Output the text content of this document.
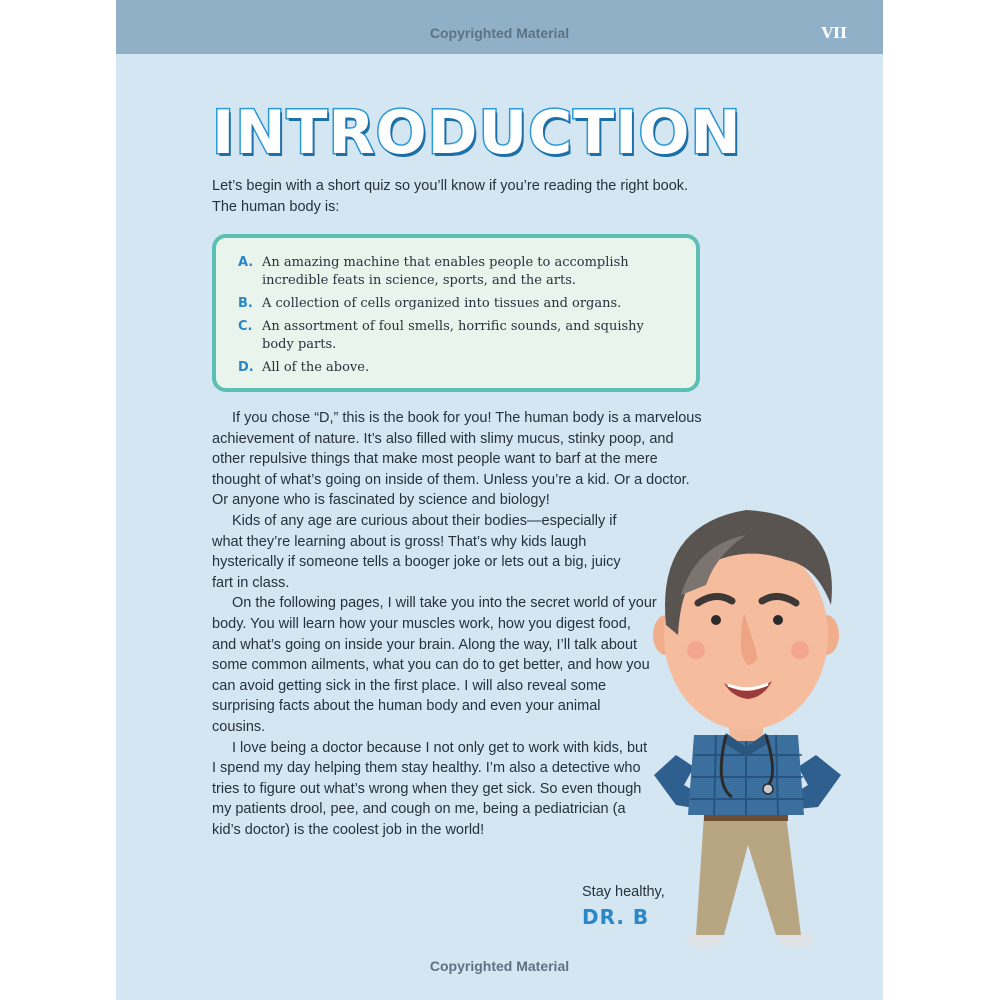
Copyrighted Material	VII
INTRODUCTION

Let’s begin with a short quiz so you’ll know if you’re reading the right book. The human body is:

A. An amazing machine that enables people to accomplish incredible feats in science, sports, and the arts.
B. A collection of cells organized into tissues and organs.
C. An assortment of foul smells, horrific sounds, and squishy body parts.
D. All of the above.

If you chose “D,” this is the book for you! The human body is a marvelous achievement of nature. It’s also filled with slimy mucus, stinky poop, and other repulsive things that make most people want to barf at the mere thought of what’s going on inside of them. Unless you’re a kid. Or a doctor. Or anyone who is fascinated by science and biology!

Kids of any age are curious about their bodies—especially if what they’re learning about is gross! That’s why kids laugh hysterically if someone tells a booger joke or lets out a big, juicy fart in class.

On the following pages, I will take you into the secret world of your body. You will learn how your muscles work, how you digest food, and what’s going on inside your brain. Along the way, I’ll talk about some common ailments, what you can do to get better, and how you can avoid getting sick in the first place. I will also reveal some surprising facts about the human body and even your animal cousins.

I love being a doctor because I not only get to work with kids, but I spend my day helping them stay healthy. I’m also a detective who tries to figure out what’s wrong when they get sick. So even though my patients drool, pee, and cough on me, being a pediatrician (a kid’s doctor) is the coolest job in the world!

Stay healthy,
DR. B
Copyrighted Material
